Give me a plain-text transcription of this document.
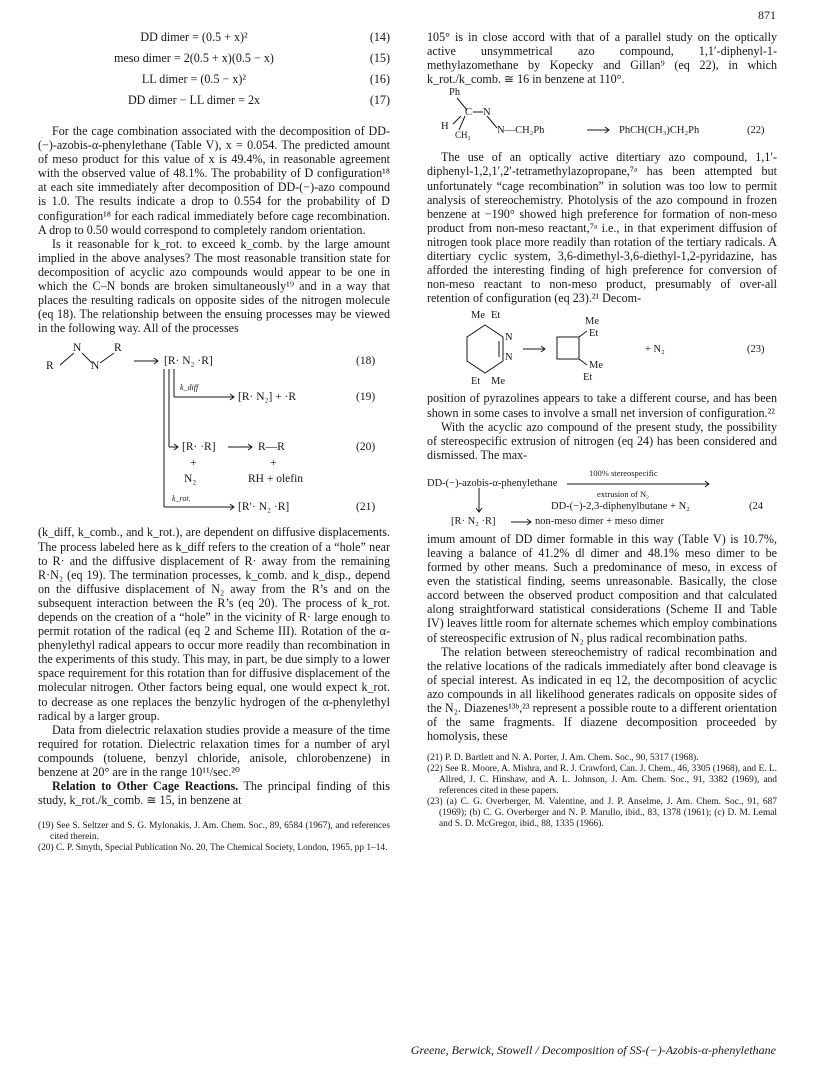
871
DD dimer = (0.5 + x)²	(14)
meso dimer = 2(0.5 + x)(0.5 − x)	(15)
LL dimer = (0.5 − x)²	(16)
DD dimer − LL dimer = 2x	(17)

For the cage combination associated with the decomposition of DD-(−)-azobis-α-phenylethane (Table V), x = 0.054. The predicted amount of meso product for this value of x is 49.4%, in reasonable agreement with the observed value of 48.1%. The probability of D configuration¹⁸ at each site immediately after decomposition of DD-(−)-azo compound is 1.0. The results indicate a drop to 0.554 for the probability of D configuration¹⁸ for each radical immediately before cage recombination. A drop to 0.50 would correspond to completely random orientation.

Is it reasonable for k_rot. to exceed k_comb. by the large amount implied in the above analyses? The most reasonable transition state for decomposition of acyclic azo compounds would appear to be one in which the C–N bonds are broken simultaneously¹⁹ and in a way that places the resulting radicals on opposite sides of the nitrogen molecule (eq 18). The relationship between the ensuing processes may be viewed in the following way. All of the processes

R
N
N
R
[R· N₂ ·R]	(18)
k_diff
[R· N₂] + ·R	(19)
[R· ·R]	R—R	(20)
+	+
N₂	RH + olefin
k_rot.
[R′· N₂ ·R]	(21)

(k_diff, k_comb., and k_rot.), are dependent on diffusive displacements. The process labeled here as k_diff refers to the creation of a “hole” near to R· and the diffusive displacement of R· away from the remaining R·N₂ (eq 19). The termination processes, k_comb. and k_disp., depend on the diffusive displacement of N₂ away from the R’s and on the subsequent interaction between the R’s (eq 20). The process of k_rot. depends on the creation of a “hole” in the vicinity of R· large enough to permit rotation of the radical (eq 2 and Scheme III). Rotation of the α-phenylethyl radical appears to occur more readily than recombination in the experiments of this study. This may, in part, be due simply to a lower space requirement for this rotation than for diffusive displacement of the molecular nitrogen. Other factors being equal, one would expect k_rot. to decrease as one replaces the benzylic hydrogen of the α-phenylethyl radical by a larger group.

Data from dielectric relaxation studies provide a measure of the time required for rotation. Dielectric relaxation times for a number of aryl compounds (toluene, benzyl chloride, anisole, chlorobenzene) in benzene at 20° are in the range 10¹¹/sec.²⁰

Relation to Other Cage Reactions. The principal finding of this study, k_rot./k_comb. ≅ 15, in benzene at

(19) See S. Seltzer and S. G. Mylonakis, J. Am. Chem. Soc., 89, 6584 (1967), and references cited therein.
(20) C. P. Smyth, Special Publication No. 20, The Chemical Society, London, 1965, pp 1–14.

105° is in close accord with that of a parallel study on the optically active unsymmetrical azo compound, 1,1′-diphenyl-1-methylazomethane by Kopecky and Gillan⁹ (eq 22), in which k_rot./k_comb. ≅ 16 in benzene at 110°.

Ph
C N
H
CH₃	N—CH₂Ph	PhCH(CH₃)CH₂Ph	(22)

The use of an optically active ditertiary azo compound, 1,1′-diphenyl-1,2,1′,2′-tetramethylazopropane,⁷ᵃ has been attempted but unfortunately “cage recombination” in solution was too low to permit analysis of stereochemistry. Photolysis of the azo compound in frozen benzene at −190° showed high preference for formation of non-meso product from non-meso reactant,⁷ᵃ i.e., in that experiment diffusion of nitrogen took place more readily than rotation of the tertiary radicals. A ditertiary cyclic system, 3,6-dimethyl-3,6-diethyl-1,2-pyridazine, has afforded the interesting finding of high preference for conversion of non-meso reactant to non-meso product, presumably of over-all retention of configuration (eq 23).²¹ Decom-

Me Et
N
N
Et Me
Me
Et
Me
Et
+ N₂	(23)

position of pyrazolines appears to take a different course, and has been shown in some cases to involve a small net inversion of configuration.²²

With the acyclic azo compound of the present study, the possibility of stereospecific extrusion of nitrogen (eq 24) has been considered and dismissed. The max-

DD-(−)-azobis-α-phenylethane
100% stereospecific
extrusion of N₂
DD-(−)-2,3-diphenylbutane + N₂	(24
[R· N₂ ·R]	non-meso dimer + meso dimer

imum amount of DD dimer formable in this way (Table V) is 10.7%, leaving a balance of 41.2% dl dimer and 48.1% meso dimer to be formed by other means. Such a predominance of meso, in excess of even the statistical finding, seems unreasonable. Basically, the close accord between the observed product composition and that calculated along straightforward statistical considerations (Scheme II and Table IV) leaves little room for alternate schemes which employ combinations of stereospecific extrusion of N₂ plus radical recombination paths.

The relation between stereochemistry of radical recombination and the relative locations of the radicals immediately after bond cleavage is of special interest. As indicated in eq 12, the decomposition of acyclic azo compounds in all likelihood generates radicals on opposite sides of the N₂. Diazenes¹³ᵇ,²³ represent a possible route to a different orientation of the same fragments. If diazene decomposition proceeded by homolysis, these

(21) P. D. Bartlett and N. A. Porter, J. Am. Chem. Soc., 90, 5317 (1968).
(22) See R. Moore, A. Mishra, and R. J. Crawford, Can. J. Chem., 46, 3305 (1968), and E. L. Allred, J. C. Hinshaw, and A. L. Johnson, J. Am. Chem. Soc., 91, 3382 (1969), and references cited in these papers.
(23) (a) C. G. Overberger, M. Valentine, and J. P. Anselme, J. Am. Chem. Soc., 91, 687 (1969); (b) C. G. Overberger and N. P. Marullo, ibid., 83, 1378 (1961); (c) D. M. Lemal and S. D. McGregor, ibid., 88, 1335 (1966).
Greene, Berwick, Stowell / Decomposition of SS-(−)-Azobis-α-phenylethane
